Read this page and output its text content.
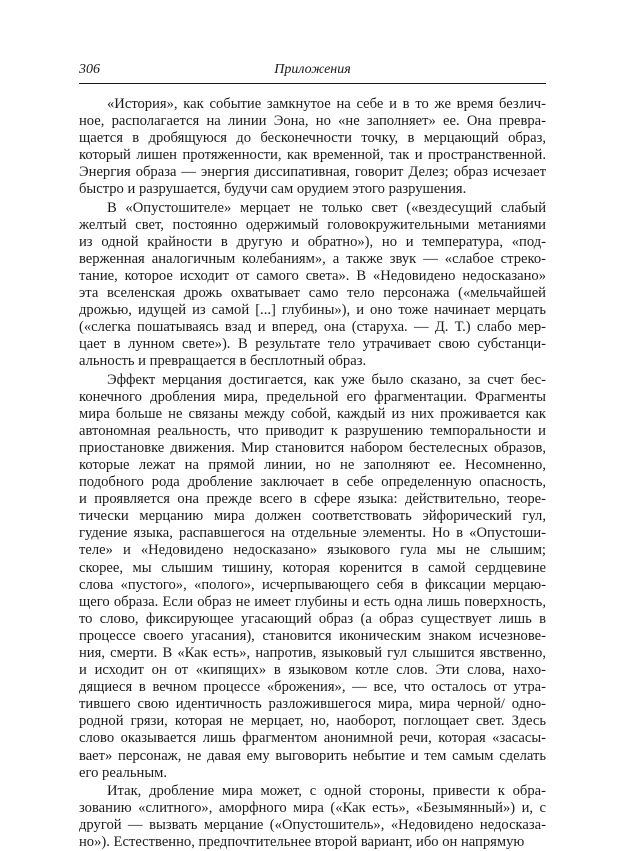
306	Приложения
«История», как событие замкнутое на себе и в то же время безлич-
ное, располагается на линии Эона, но «не заполняет» ее. Она превра-
щается в дробящуюся до бесконечности точку, в мерцающий образ,
который лишен протяженности, как временной, так и пространственной.
Энергия образа — энергия диссипативная, говорит Делез; образ исчезает
быстро и разрушается, будучи сам орудием этого разрушения.
В «Опустошителе» мерцает не только свет («вездесущий слабый
желтый свет, постоянно одержимый головокружительными метаниями
из одной крайности в другую и обратно»), но и температура, «под-
верженная аналогичным колебаниям», а также звук — «слабое стреко-
тание, которое исходит от самого света». В «Недовидено недосказано»
эта вселенская дрожь охватывает само тело персонажа («мельчайшей
дрожью, идущей из самой [...] глубины»), и оно тоже начинает мерцать
(«слегка пошатываясь взад и вперед, она (старуха. — Д. Т.) слабо мер-
цает в лунном свете»). В результате тело утрачивает свою субстанци-
альность и превращается в бесплотный образ.
Эффект мерцания достигается, как уже было сказано, за счет бес-
конечного дробления мира, предельной его фрагментации. Фрагменты
мира больше не связаны между собой, каждый из них проживается как
автономная реальность, что приводит к разрушению темпоральности и
приостановке движения. Мир становится набором бестелесных образов,
которые лежат на прямой линии, но не заполняют ее. Несомненно,
подобного рода дробление заключает в себе определенную опасность,
и проявляется она прежде всего в сфере языка: действительно, теоре-
тически мерцанию мира должен соответствовать эйфорический гул,
гудение языка, распавшегося на отдельные элементы. Но в «Опустоши-
теле» и «Недовидено недосказано» языкового гула мы не слышим;
скорее, мы слышим тишину, которая коренится в самой сердцевине
слова «пустого», «полого», исчерпывающего себя в фиксации мерцаю-
щего образа. Если образ не имеет глубины и есть одна лишь поверхность,
то слово, фиксирующее угасающий образ (а образ существует лишь в
процессе своего угасания), становится иконическим знаком исчезнове-
ния, смерти. В «Как есть», напротив, языковый гул слышится явственно,
и исходит он от «кипящих» в языковом котле слов. Эти слова, нахо-
дящиеся в вечном процессе «брожения», — все, что осталось от утра-
тившего свою идентичность разложившегося мира, мира черной/ одно-
родной грязи, которая не мерцает, но, наоборот, поглощает свет. Здесь
слово оказывается лишь фрагментом анонимной речи, которая «засасы-
вает» персонаж, не давая ему выговорить небытие и тем самым сделать
его реальным.
Итак, дробление мира может, с одной стороны, привести к обра-
зованию «слитного», аморфного мира («Как есть», «Безымянный») и, с
другой — вызвать мерцание («Опустошитель», «Недовидено недосказа-
но»). Естественно, предпочтительнее второй вариант, ибо он напрямую
